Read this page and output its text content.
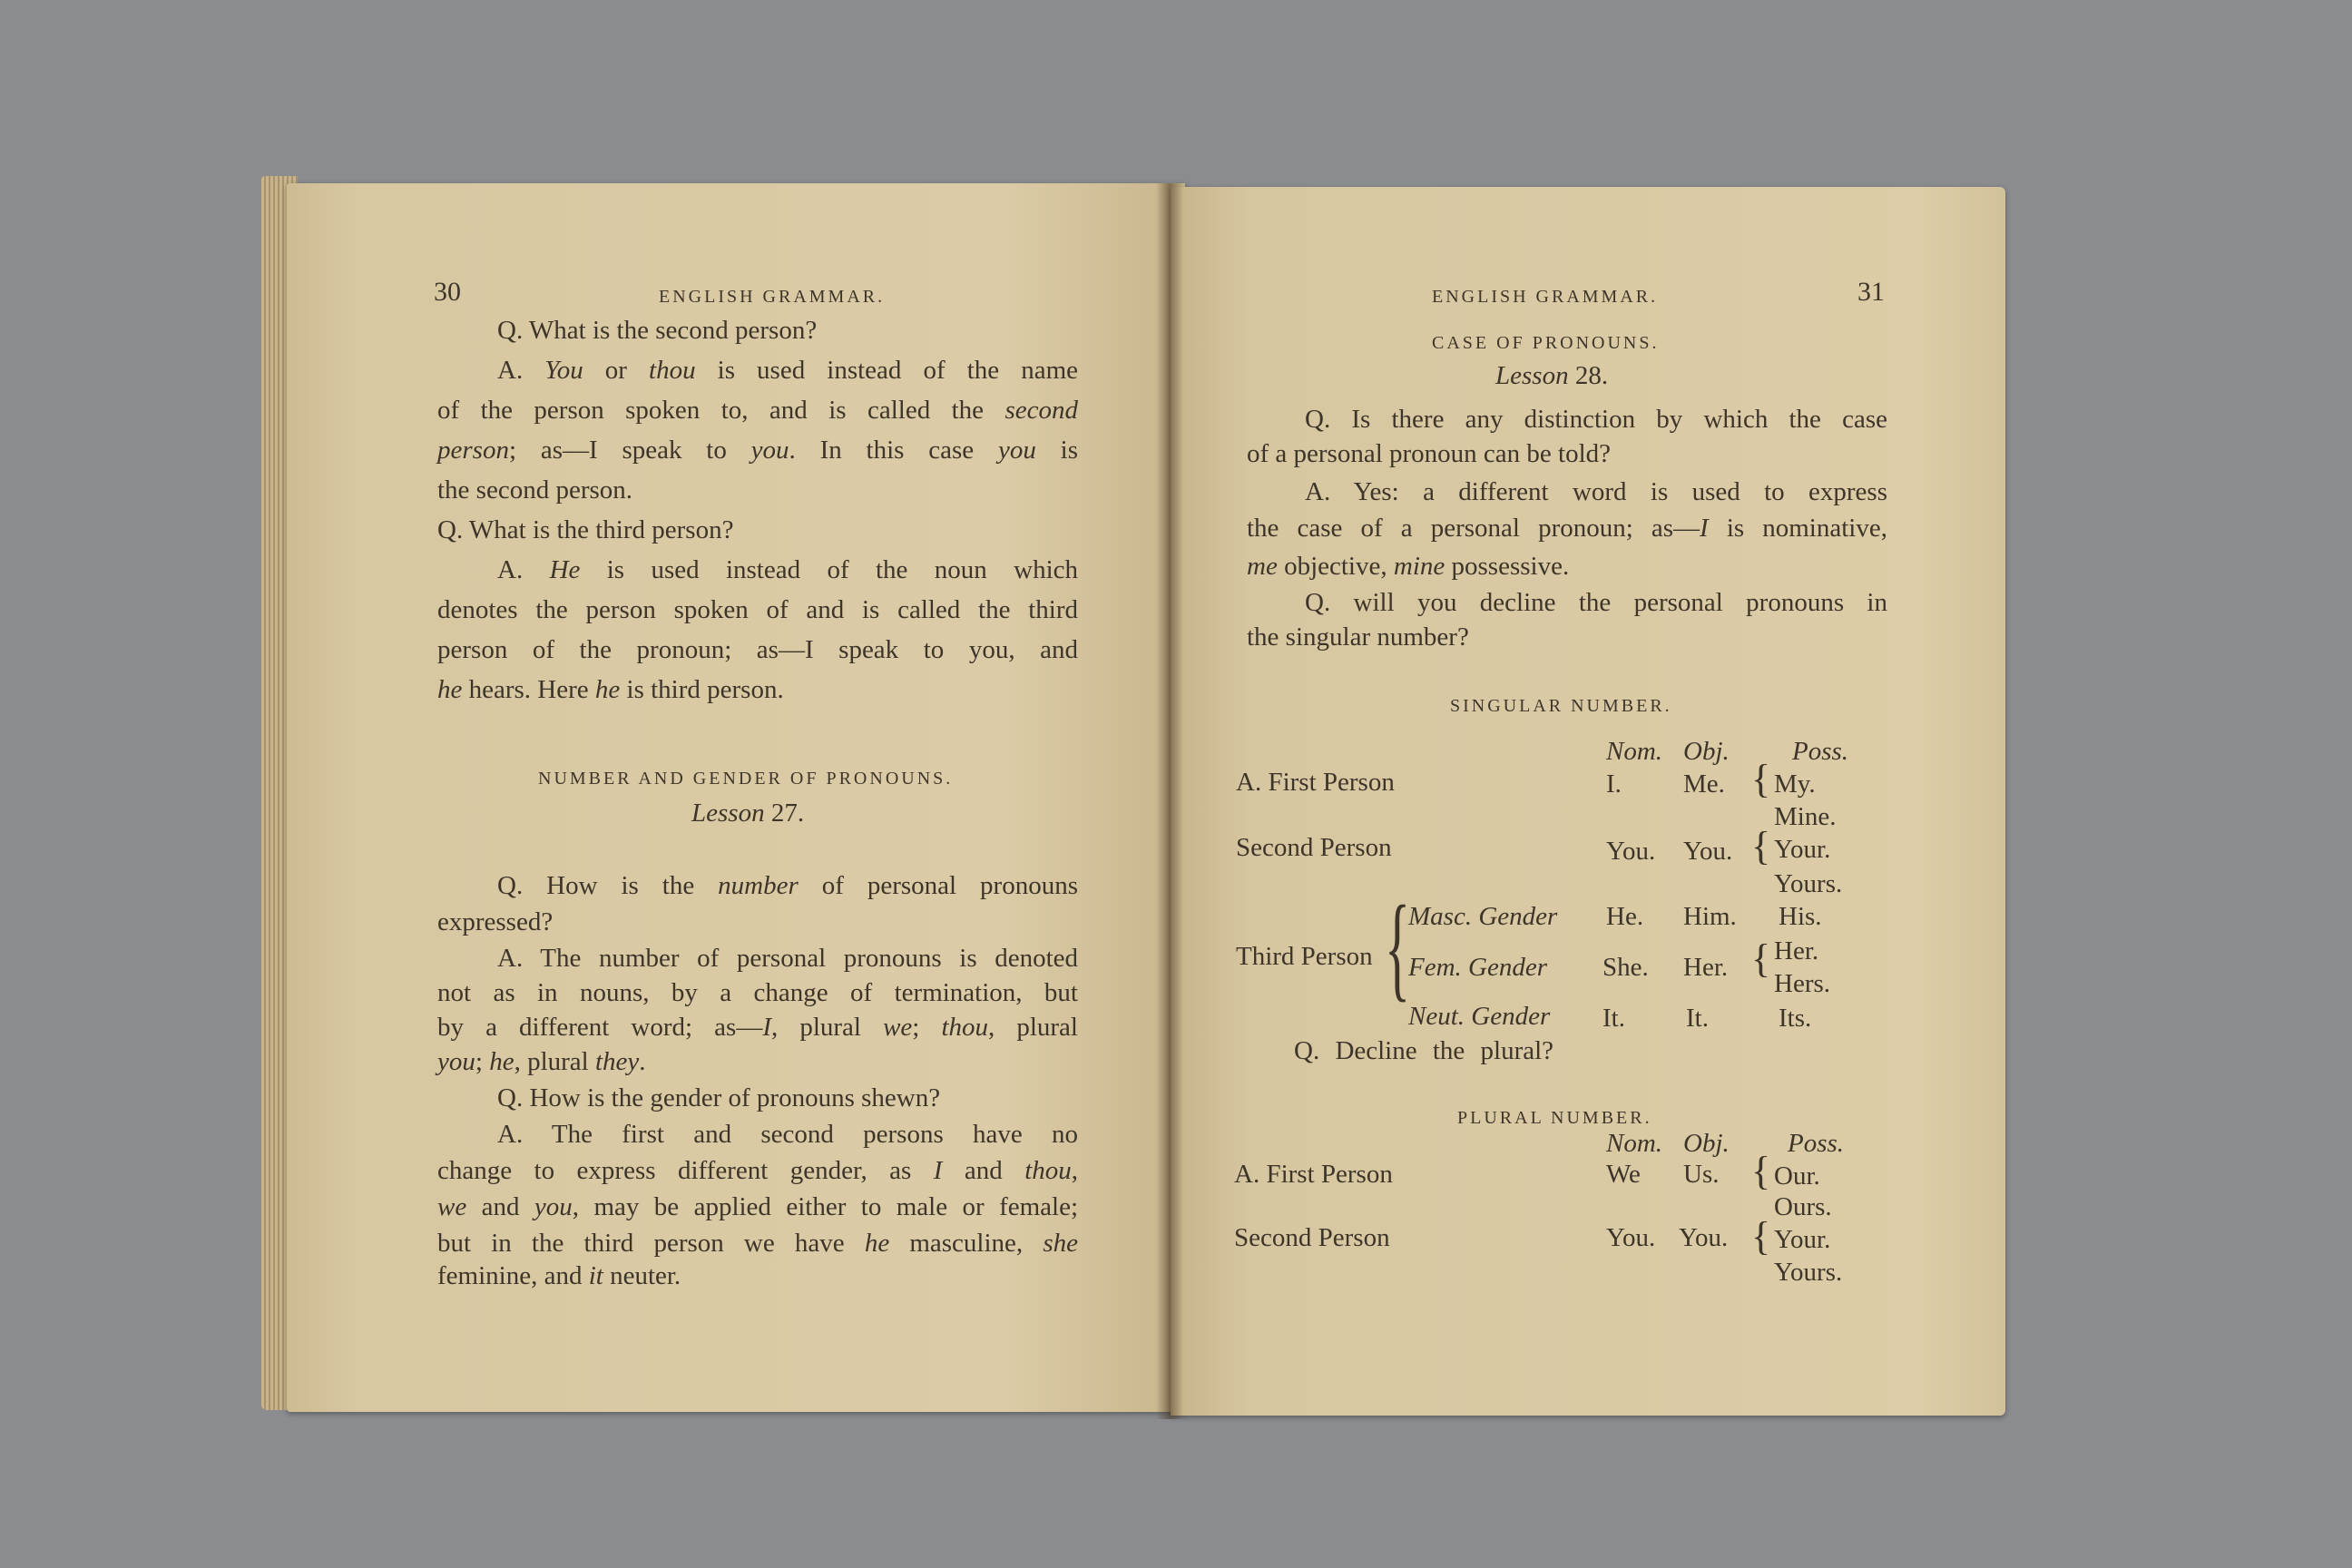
30	ENGLISH GRAMMAR.
Q. What is the second person?
A. You or thou is used instead of the name
of the person spoken to, and is called the second
person; as—I speak to you. In this case you is
the second person.
Q. What is the third person?
A. He is used instead of the noun which
denotes the person spoken of and is called the third
person of the pronoun; as—I speak to you, and
he hears. Here he is third person.
NUMBER AND GENDER OF PRONOUNS.
Lesson 27.
Q. How is the number of personal pronouns
expressed?
A. The number of personal pronouns is denoted
not as in nouns, by a change of termination, but
by a different word; as—I, plural we; thou, plural
you; he, plural they.
Q. How is the gender of pronouns shewn?
A. The first and second persons have no
change to express different gender, as I and thou,
we and you, may be applied either to male or female;
but in the third person we have he masculine, she
feminine, and it neuter.
ENGLISH GRAMMAR.	31
CASE OF PRONOUNS.
Lesson 28.
Q. Is there any distinction by which the case
of a personal pronoun can be told?
A. Yes: a different word is used to express
the case of a personal pronoun; as—I is nominative,
me objective, mine possessive.
Q. will you decline the personal pronouns in
the singular number?
SINGULAR NUMBER.
Nom. Obj. Poss.
A. First Person	I. Me. { My.
Mine.
Second Person	You. You. { Your.
Yours.
Third Person {
Masc. Gender He. Him. His.
Fem. Gender She. Her. { Her.
Hers.
Neut. Gender It. It.	Its.
Q. Decline the plural?
PLURAL NUMBER.
Nom. Obj. Poss.
A. First Person	We Us. { Our.
Ours.
Second Person	You. You. { Your.
Yours.
